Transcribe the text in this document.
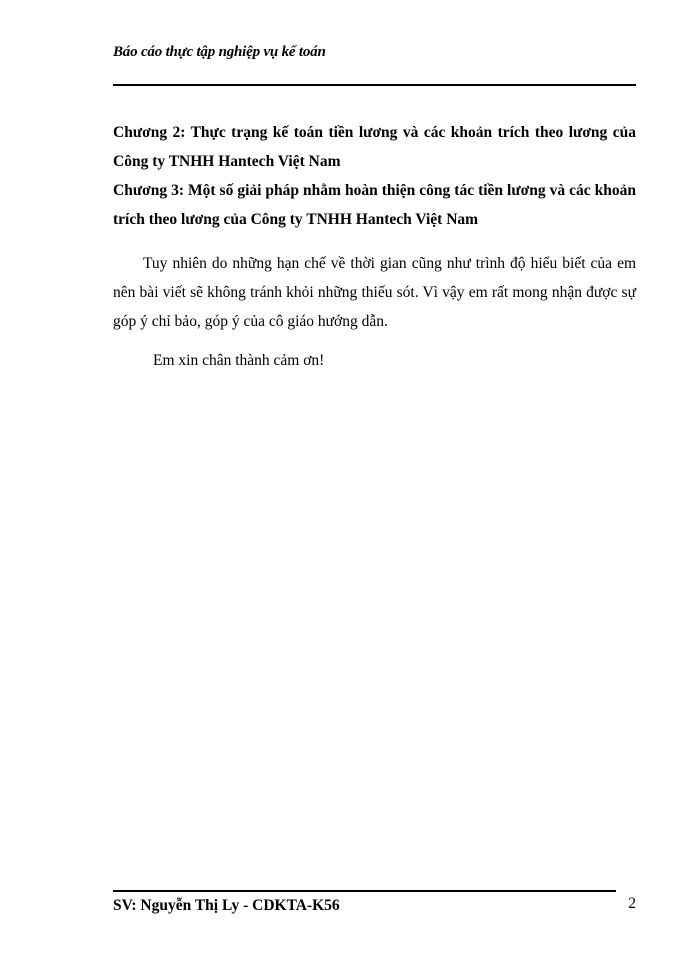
Báo cáo thực tập nghiệp vụ kế toán
Chương 2: Thực trạng kế toán tiền lương và các khoản trích theo lương của Công ty TNHH Hantech Việt Nam
Chương 3: Một số giải pháp nhằm hoàn thiện công tác tiền lương và các khoản trích theo lương của Công ty TNHH Hantech Việt Nam
Tuy nhiên do những hạn chế về thời gian cũng như trình độ hiểu biết của em nên bài viết sẽ không tránh khỏi những thiếu sót. Vì vậy em rất mong nhận được sự góp ý chỉ bảo, góp ý của cô giáo hướng dẫn.
Em xin chân thành cảm ơn!
SV: Nguyễn Thị Ly - CDKTA-K56	2
